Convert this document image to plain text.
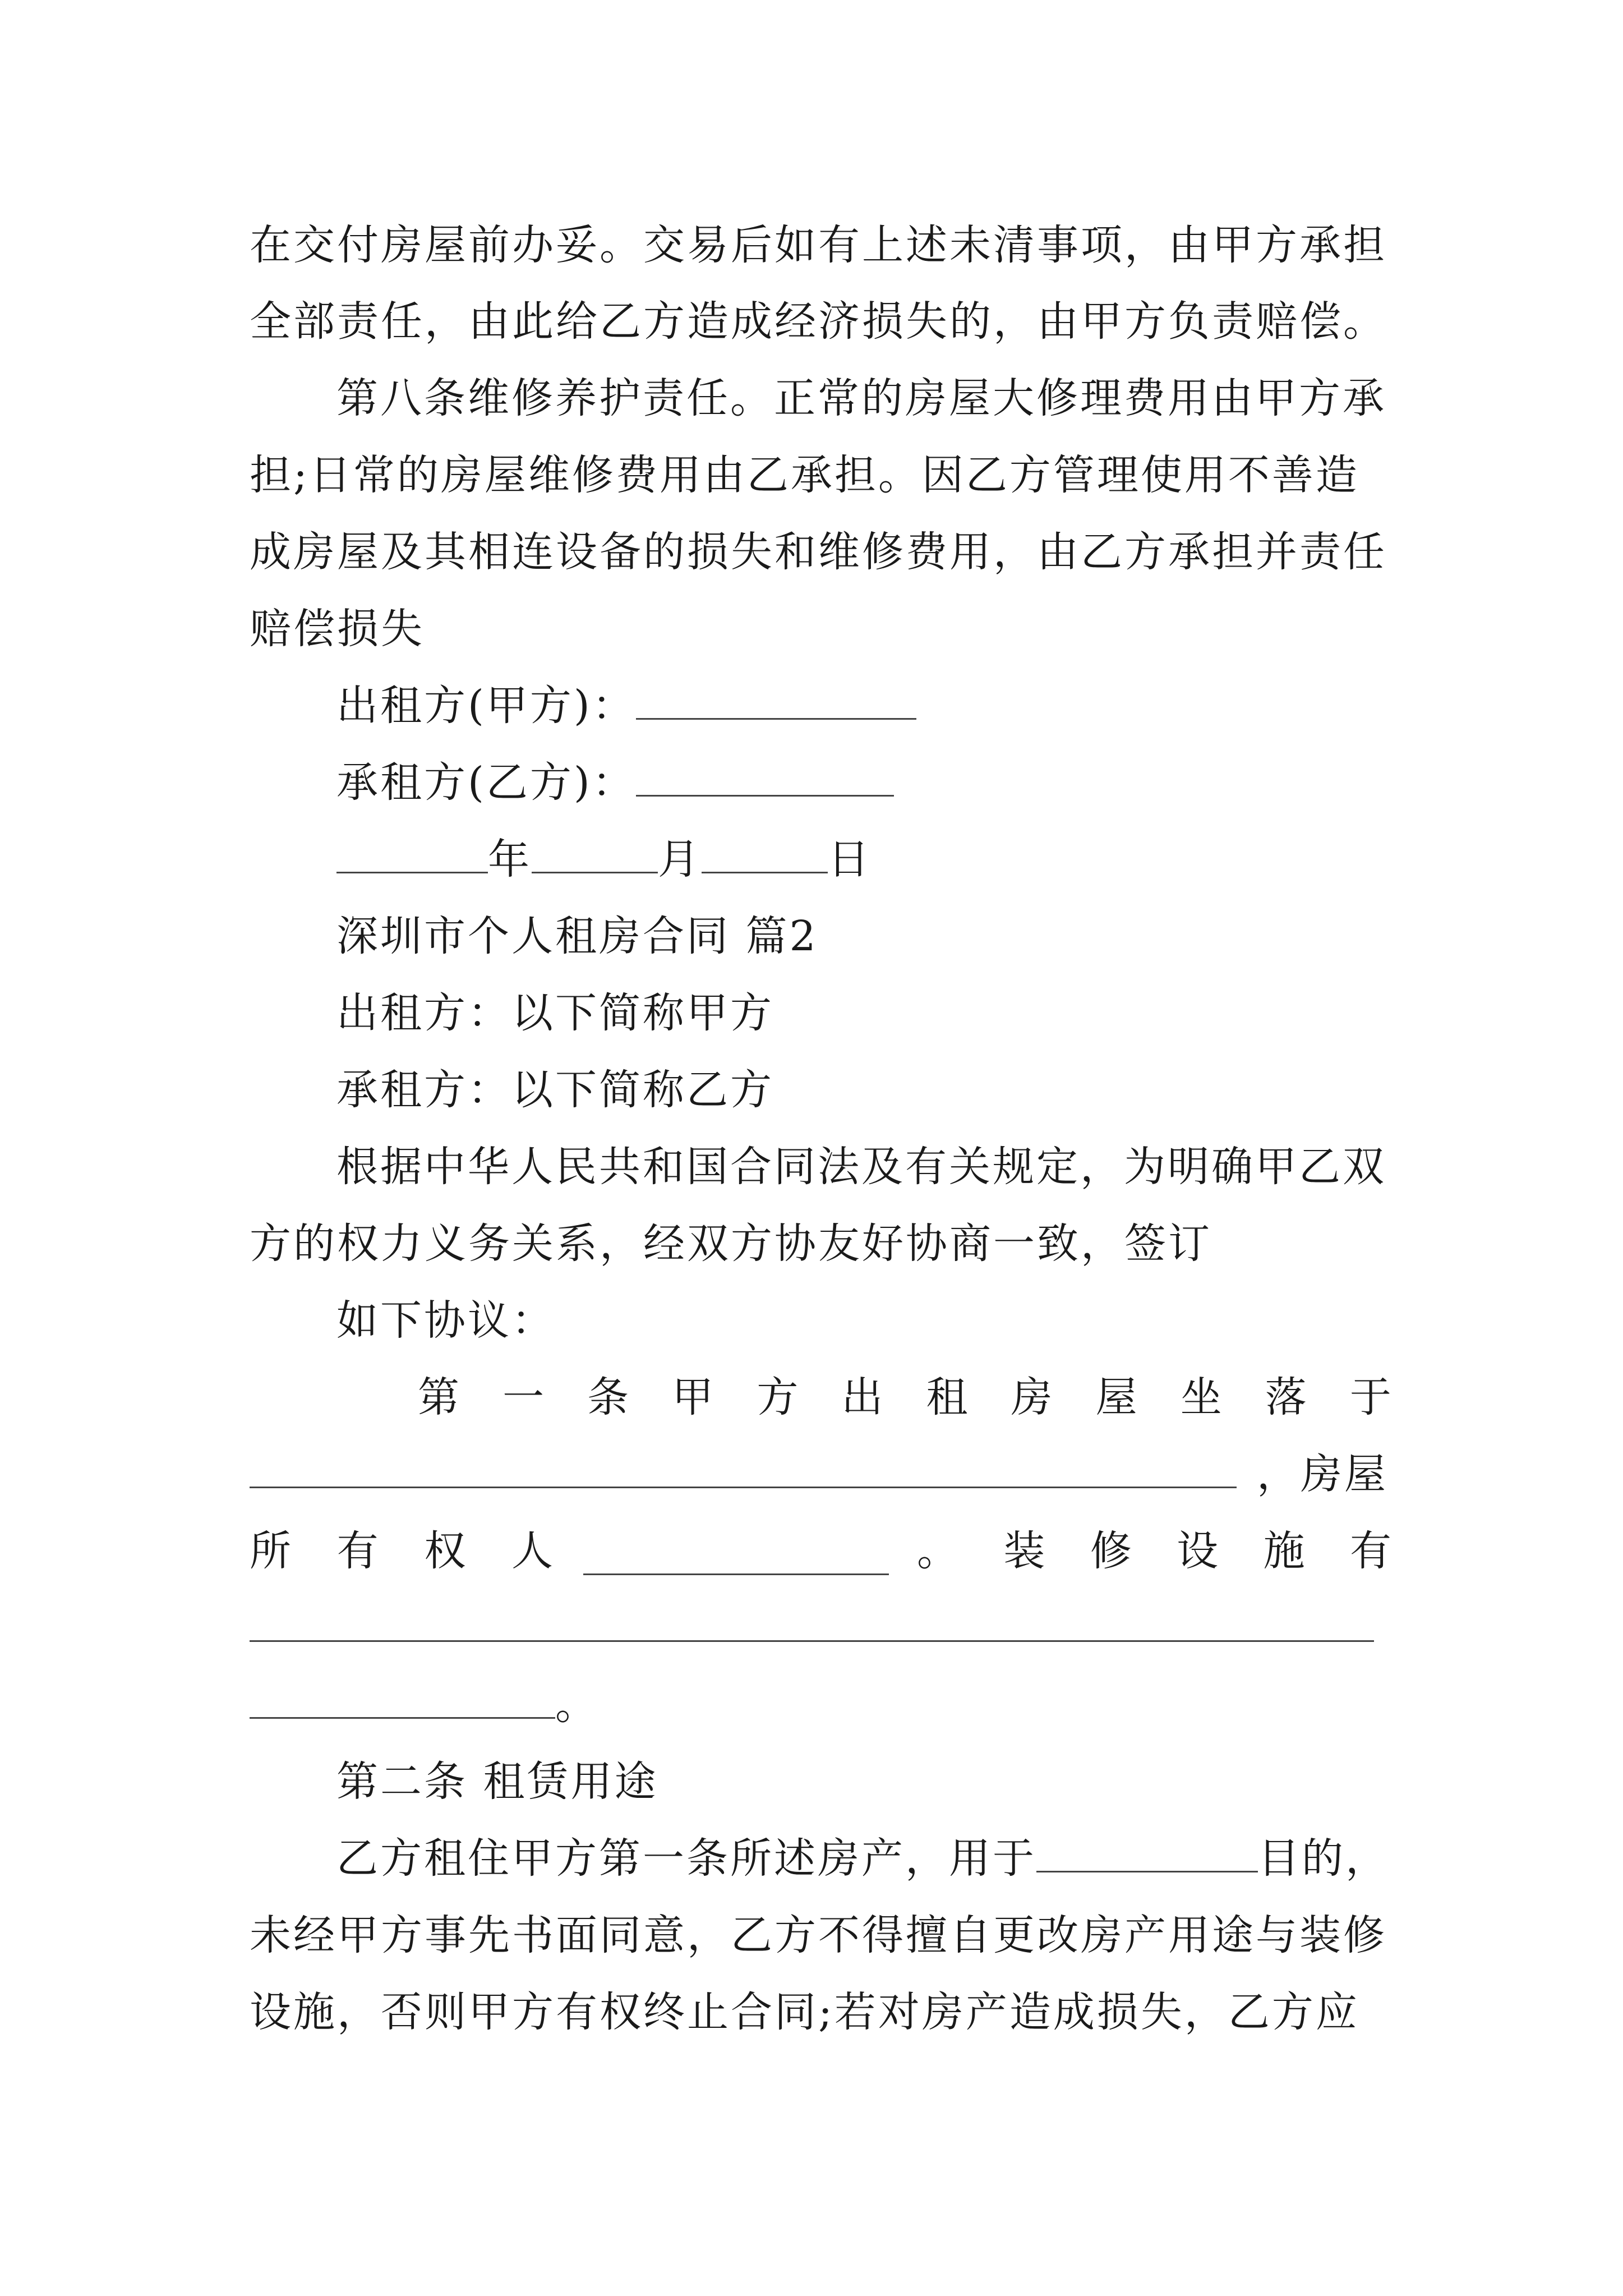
在交付房屋前办妥。交易后如有上述未清事项，由甲方承担
全部责任，由此给乙方造成经济损失的，由甲方负责赔偿。
第八条维修养护责任。正常的房屋大修理费用由甲方承
担;日常的房屋维修费用由乙承担。因乙方管理使用不善造
成房屋及其相连设备的损失和维修费用，由乙方承担并责任
赔偿损失
出租方(甲方)：
承租方(乙方)：
年	月	日
深圳市个人租房合同 篇2
出租方：以下简称甲方
承租方：以下简称乙方
根据中华人民共和国合同法及有关规定，为明确甲乙双
方的权力义务关系，经双方协友好协商一致，签订
如下协议：
第 一 条 甲 方 出 租 房 屋 坐 落 于
，房屋
所 有 权 人	。 装 修 设 施 有
。
第二条 租赁用途
乙方租住甲方第一条所述房产，用于	目的，
未经甲方事先书面同意，乙方不得擅自更改房产用途与装修
设施，否则甲方有权终止合同;若对房产造成损失，乙方应
